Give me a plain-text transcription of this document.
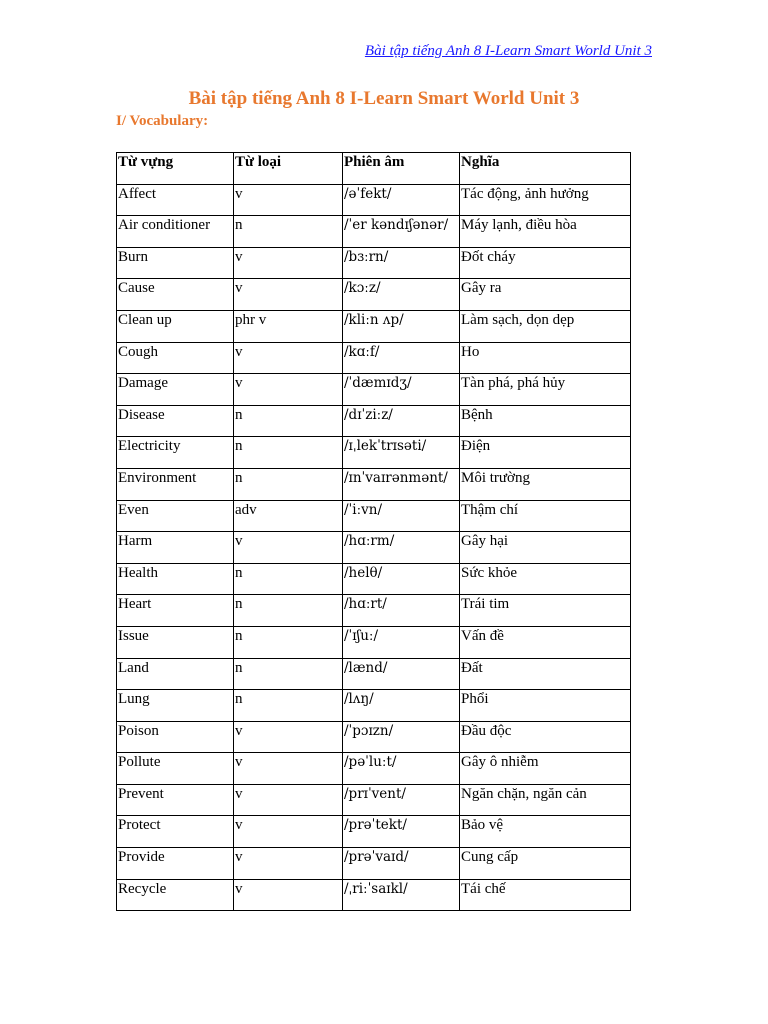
Bài tập tiếng Anh 8 I-Learn Smart World Unit 3
Bài tập tiếng Anh 8 I-Learn Smart World Unit 3
I/ Vocabulary:
Từ vựng	Từ loại	Phiên âm	Nghĩa
Affect	v	/əˈfekt/	Tác động, ảnh hưởng
Air conditioner	n	/ˈer kəndɪʃənər/	Máy lạnh, điều hòa
Burn	v	/bɜːrn/	Đốt cháy
Cause	v	/kɔːz/	Gây ra
Clean up	phr v	/kliːn ʌp/	Làm sạch, dọn dẹp
Cough	v	/kɑːf/	Ho
Damage	v	/ˈdæmɪdʒ/	Tàn phá, phá hủy
Disease	n	/dɪˈziːz/	Bệnh
Electricity	n	/ɪˌlekˈtrɪsəti/	Điện
Environment	n	/ɪnˈvaɪrənmənt/	Môi trường
Even	adv	/ˈiːvn/	Thậm chí
Harm	v	/hɑːrm/	Gây hại
Health	n	/helθ/	Sức khỏe
Heart	n	/hɑːrt/	Trái tim
Issue	n	/ˈɪʃuː/	Vấn đề
Land	n	/lænd/	Đất
Lung	n	/lʌŋ/	Phổi
Poison	v	/ˈpɔɪzn/	Đầu độc
Pollute	v	/pəˈluːt/	Gây ô nhiễm
Prevent	v	/prɪˈvent/	Ngăn chặn, ngăn cản
Protect	v	/prəˈtekt/	Bảo vệ
Provide	v	/prəˈvaɪd/	Cung cấp
Recycle	v	/ˌriːˈsaɪkl/	Tái chế
